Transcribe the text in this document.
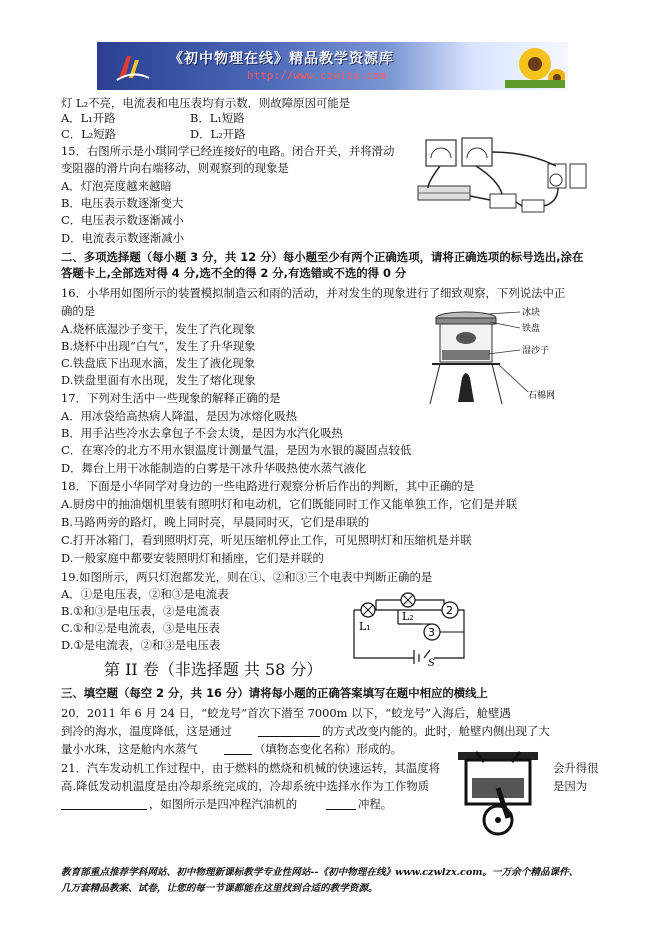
《初中物理在线》精品教学资源库
http://www.czwlzx.com
灯 L₂不亮，电流表和电压表均有示数．则故障原因可能是
A．L₁开路	B．L₁短路
C．L₂短路	D．L₂开路
15．右图所示是小琪同学已经连接好的电路。闭合开关，并将滑动
变阻器的滑片向右端移动，则观察到的现象是
A．灯泡亮度越来越暗
B．电压表示数逐渐变大
C．电压表示数逐渐减小
D．电流表示数逐渐减小
二、多项选择题（每小题 3 分，共 12 分）每小题至少有两个正确选项，请将正确选项的标号选出,涂在
答题卡上,全部选对得 4 分,选不全的得 2 分,有选错或不选的得 0 分
16．小华用如图所示的装置模拟制造云和雨的活动，并对发生的现象进行了细致观察，下列说法中正
确的是
A.烧杯底湿沙子变干，发生了汽化现象
B.烧杯中出现“白气”，发生了升华现象
C.铁盘底下出现水滴，发生了液化现象
D.铁盘里面有水出现，发生了熔化现象
冰块
铁盘
湿沙子
石棉网
17．下列对生活中一些现象的解释正确的是
A．用冰袋给高热病人降温，是因为冰熔化吸热
B．用手沾些冷水去拿包子不会太烫，是因为水汽化吸热
C．在寒冷的北方不用水银温度计测量气温，是因为水银的凝固点较低
D．舞台上用干冰能制造的白雾是干冰升华吸热使水蒸气液化
18．下面是小华同学对身边的一些电路进行观察分析后作出的判断，其中正确的是
A.厨房中的抽油烟机里装有照明灯和电动机，它们既能同时工作又能单独工作，它们是并联
B.马路两旁的路灯，晚上同时亮，早晨同时灭，它们是串联的
C.打开冰箱门，看到照明灯亮，听见压缩机停止工作，可见照明灯和压缩机是并联
D.一般家庭中都要安装照明灯和插座，它们是并联的
19.如图所示，两只灯泡都发光，则在①、②和③三个电表中判断正确的是
A．①是电压表，②和③是电流表
B.①和③是电压表，②是电流表
C.①和②是电流表，③是电压表
D.①是电流表，②和③是电压表
L₁
L₂	2
3
S
第 II 卷（非选择题 共 58 分）
三、填空题（每空 2 分，共 16 分）请将每小题的正确答案填写在题中相应的横线上
20．2011 年 6 月 24 日，“蛟龙号”首次下潜至 7000m 以下，“蛟龙号”入海后，舱壁遇
到冷的海水，温度降低，这是通过	的方式改变内能的。此时，舱壁内侧出现了大
量小水珠，这是舱内水蒸气	（填物态变化名称）形成的。
21．汽车发动机工作过程中，由于燃料的燃烧和机械的快速运转，其温度将	会升得很
高.降低发动机温度是由冷却系统完成的，冷却系统中选择水作为工作物质	是因为
，如图所示是四冲程汽油机的	冲程。
教育部重点推荐学科网站、初中物理新课标教学专业性网站--《初中物理在线》www.czwlzx.com。一万余个精品课件、
几万套精品教案、试卷，让您的每一节课都能在这里找到合适的教学资源。
